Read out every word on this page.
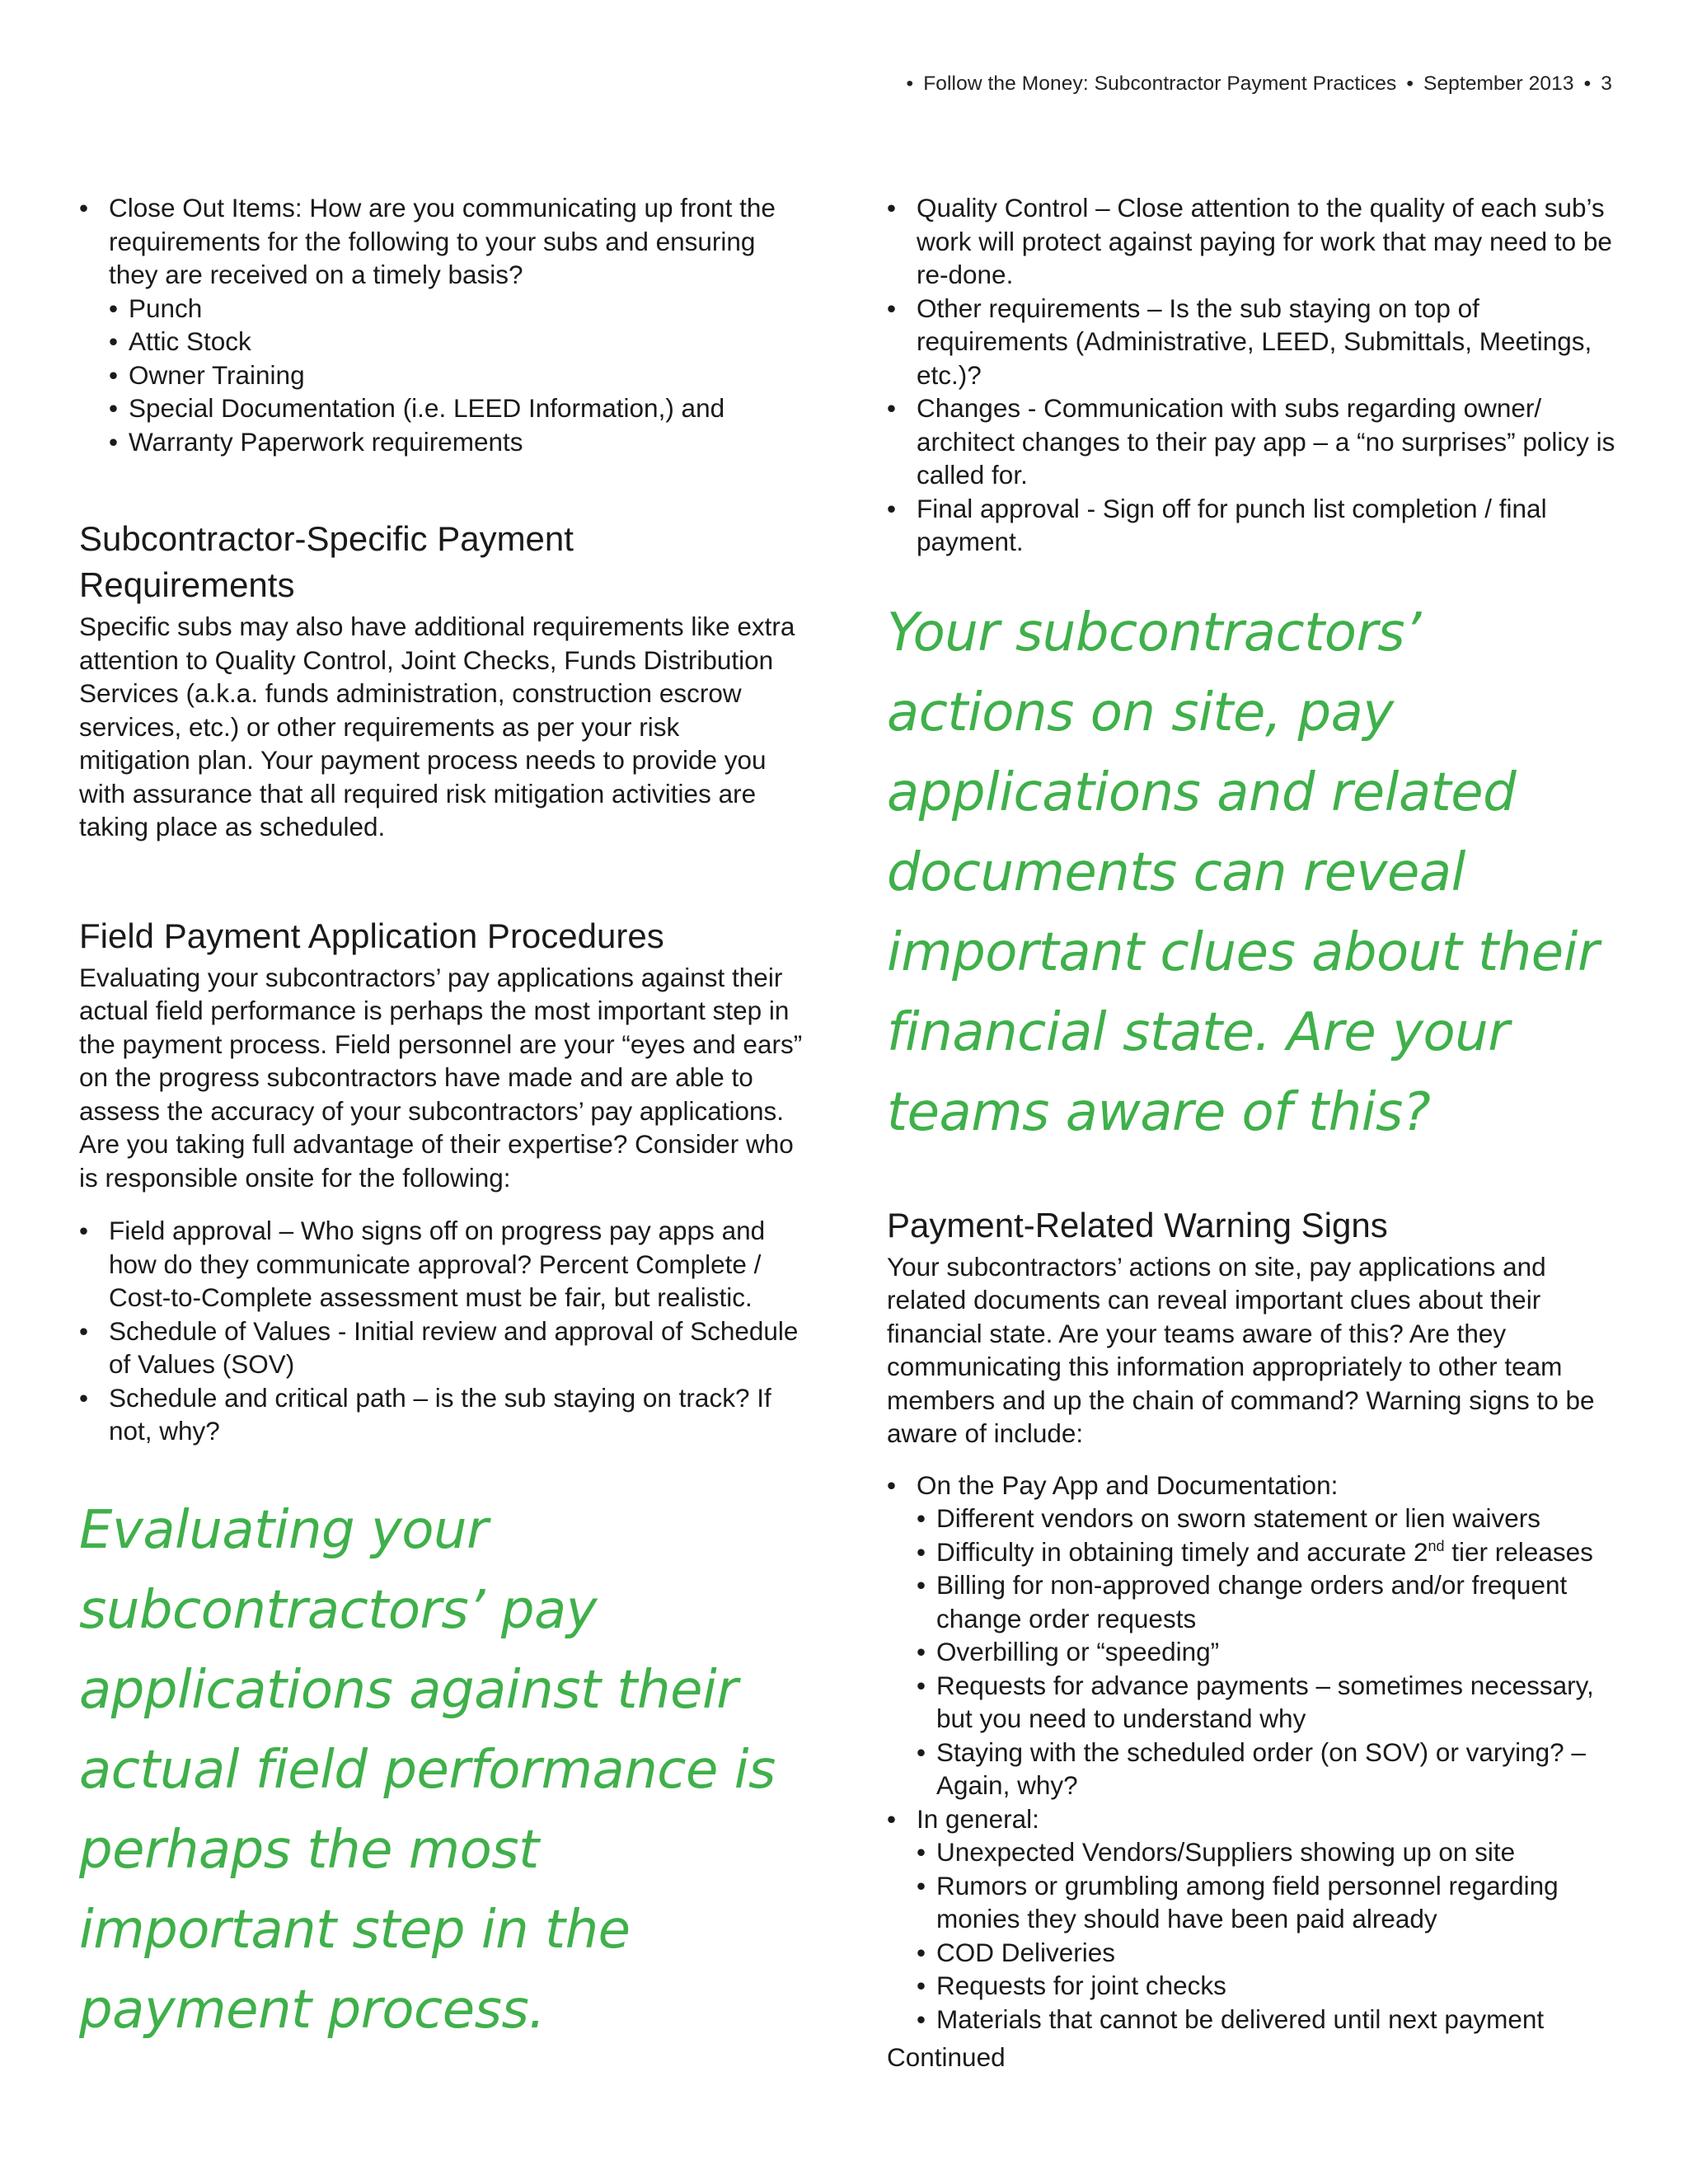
• Follow the Money: Subcontractor Payment Practices • September 2013 • 3
• Close Out Items: How are you communicating up front the requirements for the following to your subs and ensuring they are received on a timely basis?
• Punch
• Attic Stock
• Owner Training
• Special Documentation (i.e. LEED Information,) and
• Warranty Paperwork requirements
Subcontractor-Specific Payment
Requirements

Specific subs may also have additional requirements like extra attention to Quality Control, Joint Checks, Funds Distribution Services (a.k.a. funds administration, construction escrow services, etc.) or other requirements as per your risk mitigation plan. Your payment process needs to provide you with assurance that all required risk mitigation activities are taking place as scheduled.

Field Payment Application Procedures

Evaluating your subcontractors’ pay applications against their actual field performance is perhaps the most important step in the payment process. Field personnel are your “eyes and ears” on the progress subcontractors have made and are able to assess the accuracy of your subcontractors’ pay applications. Are you taking full advantage of their expertise? Consider who is responsible onsite for the following:

• Field approval – Who signs off on progress pay apps and how do they communicate approval? Percent Complete / Cost-to-Complete assessment must be fair, but realistic.
• Schedule of Values - Initial review and approval of Schedule of Values (SOV)
• Schedule and critical path – is the sub staying on track? If not, why?

Evaluating your subcontractors’ pay applications against their actual field performance is perhaps the most important step in the payment process.

• Quality Control – Close attention to the quality of each sub’s work will protect against paying for work that may need to be re-done.
• Other requirements – Is the sub staying on top of requirements (Administrative, LEED, Submittals, Meetings, etc.)?
• Changes - Communication with subs regarding owner/ architect changes to their pay app – a “no surprises” policy is called for.
• Final approval - Sign off for punch list completion / final payment.

Your subcontractors’ actions on site, pay applications and related documents can reveal important clues about their financial state. Are your teams aware of this?

Payment-Related Warning Signs

Your subcontractors’ actions on site, pay applications and related documents can reveal important clues about their financial state. Are your teams aware of this? Are they communicating this information appropriately to other team members and up the chain of command? Warning signs to be aware of include:

• On the Pay App and Documentation:
• Different vendors on sworn statement or lien waivers
• Difficulty in obtaining timely and accurate 2nd tier releases
• Billing for non-approved change orders and/or frequent change order requests
• Overbilling or “speeding”
• Requests for advance payments – sometimes necessary, but you need to understand why
• Staying with the scheduled order (on SOV) or varying? – Again, why?
• In general:
• Unexpected Vendors/Suppliers showing up on site
• Rumors or grumbling among field personnel regarding monies they should have been paid already
• COD Deliveries
• Requests for joint checks
• Materials that cannot be delivered until next payment

Continued
